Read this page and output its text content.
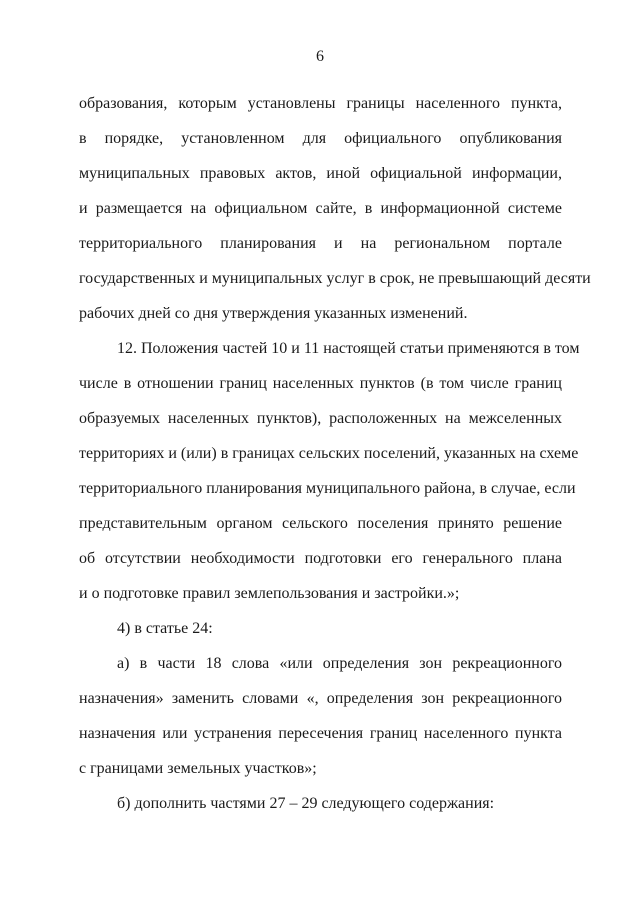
6
образования, которым установлены границы населенного пункта,
в порядке, установленном для официального опубликования
муниципальных правовых актов, иной официальной информации,
и размещается на официальном сайте, в информационной системе
территориального планирования и на региональном портале
государственных и муниципальных услуг в срок, не превышающий десяти
рабочих дней со дня утверждения указанных изменений.
12. Положения частей 10 и 11 настоящей статьи применяются в том
числе в отношении границ населенных пунктов (в том числе границ
образуемых населенных пунктов), расположенных на межселенных
территориях и (или) в границах сельских поселений, указанных на схеме
территориального планирования муниципального района, в случае, если
представительным органом сельского поселения принято решение
об отсутствии необходимости подготовки его генерального плана
и о подготовке правил землепользования и застройки.»;
4) в статье 24:
а) в части 18 слова «или определения зон рекреационного
назначения» заменить словами «, определения зон рекреационного
назначения или устранения пересечения границ населенного пункта
с границами земельных участков»;
б) дополнить частями 27 – 29 следующего содержания:
